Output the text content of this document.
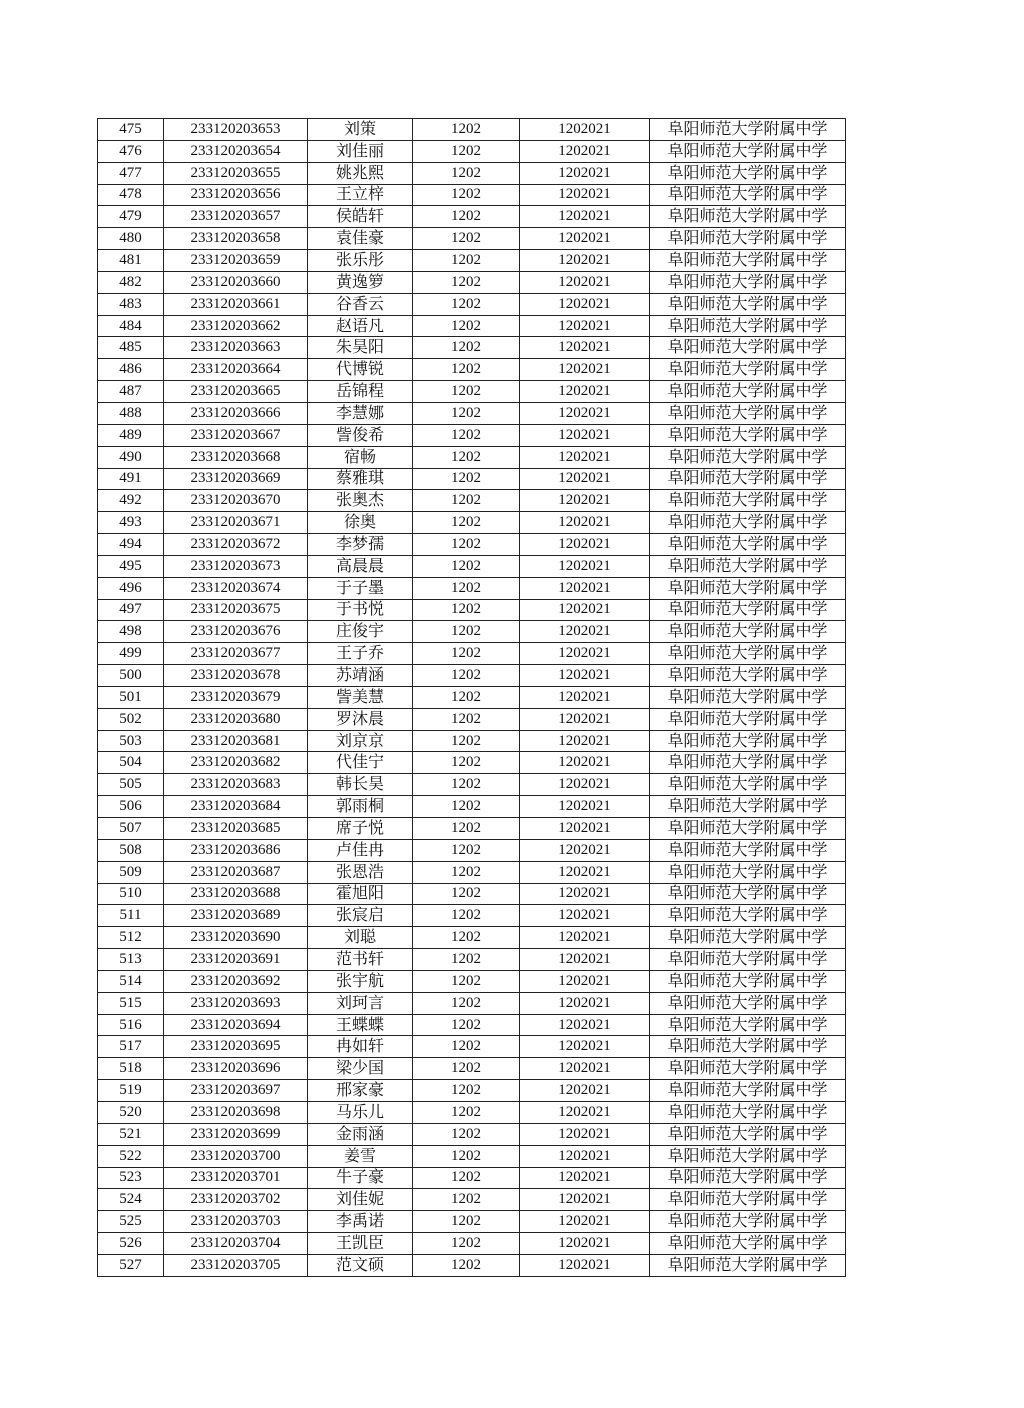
475	233120203653	刘策	1202	1202021	阜阳师范大学附属中学
476	233120203654	刘佳丽	1202	1202021	阜阳师范大学附属中学
477	233120203655	姚兆熙	1202	1202021	阜阳师范大学附属中学
478	233120203656	王立梓	1202	1202021	阜阳师范大学附属中学
479	233120203657	侯皓轩	1202	1202021	阜阳师范大学附属中学
480	233120203658	袁佳豪	1202	1202021	阜阳师范大学附属中学
481	233120203659	张乐彤	1202	1202021	阜阳师范大学附属中学
482	233120203660	黄逸箩	1202	1202021	阜阳师范大学附属中学
483	233120203661	谷香云	1202	1202021	阜阳师范大学附属中学
484	233120203662	赵语凡	1202	1202021	阜阳师范大学附属中学
485	233120203663	朱昊阳	1202	1202021	阜阳师范大学附属中学
486	233120203664	代博锐	1202	1202021	阜阳师范大学附属中学
487	233120203665	岳锦程	1202	1202021	阜阳师范大学附属中学
488	233120203666	李慧娜	1202	1202021	阜阳师范大学附属中学
489	233120203667	訾俊希	1202	1202021	阜阳师范大学附属中学
490	233120203668	宿畅	1202	1202021	阜阳师范大学附属中学
491	233120203669	蔡雅琪	1202	1202021	阜阳师范大学附属中学
492	233120203670	张奥杰	1202	1202021	阜阳师范大学附属中学
493	233120203671	徐奥	1202	1202021	阜阳师范大学附属中学
494	233120203672	李梦孺	1202	1202021	阜阳师范大学附属中学
495	233120203673	高晨晨	1202	1202021	阜阳师范大学附属中学
496	233120203674	于子墨	1202	1202021	阜阳师范大学附属中学
497	233120203675	于书悦	1202	1202021	阜阳师范大学附属中学
498	233120203676	庄俊宇	1202	1202021	阜阳师范大学附属中学
499	233120203677	王子乔	1202	1202021	阜阳师范大学附属中学
500	233120203678	苏靖涵	1202	1202021	阜阳师范大学附属中学
501	233120203679	訾美慧	1202	1202021	阜阳师范大学附属中学
502	233120203680	罗沐晨	1202	1202021	阜阳师范大学附属中学
503	233120203681	刘京京	1202	1202021	阜阳师范大学附属中学
504	233120203682	代佳宁	1202	1202021	阜阳师范大学附属中学
505	233120203683	韩长昊	1202	1202021	阜阳师范大学附属中学
506	233120203684	郭雨桐	1202	1202021	阜阳师范大学附属中学
507	233120203685	席子悦	1202	1202021	阜阳师范大学附属中学
508	233120203686	卢佳冉	1202	1202021	阜阳师范大学附属中学
509	233120203687	张恩浩	1202	1202021	阜阳师范大学附属中学
510	233120203688	霍旭阳	1202	1202021	阜阳师范大学附属中学
511	233120203689	张宸启	1202	1202021	阜阳师范大学附属中学
512	233120203690	刘聪	1202	1202021	阜阳师范大学附属中学
513	233120203691	范书轩	1202	1202021	阜阳师范大学附属中学
514	233120203692	张宇航	1202	1202021	阜阳师范大学附属中学
515	233120203693	刘珂言	1202	1202021	阜阳师范大学附属中学
516	233120203694	王蝶蝶	1202	1202021	阜阳师范大学附属中学
517	233120203695	冉如轩	1202	1202021	阜阳师范大学附属中学
518	233120203696	梁少国	1202	1202021	阜阳师范大学附属中学
519	233120203697	邢家豪	1202	1202021	阜阳师范大学附属中学
520	233120203698	马乐儿	1202	1202021	阜阳师范大学附属中学
521	233120203699	金雨涵	1202	1202021	阜阳师范大学附属中学
522	233120203700	姜雪	1202	1202021	阜阳师范大学附属中学
523	233120203701	牛子豪	1202	1202021	阜阳师范大学附属中学
524	233120203702	刘佳妮	1202	1202021	阜阳师范大学附属中学
525	233120203703	李禹诺	1202	1202021	阜阳师范大学附属中学
526	233120203704	王凯臣	1202	1202021	阜阳师范大学附属中学
527	233120203705	范文硕	1202	1202021	阜阳师范大学附属中学
